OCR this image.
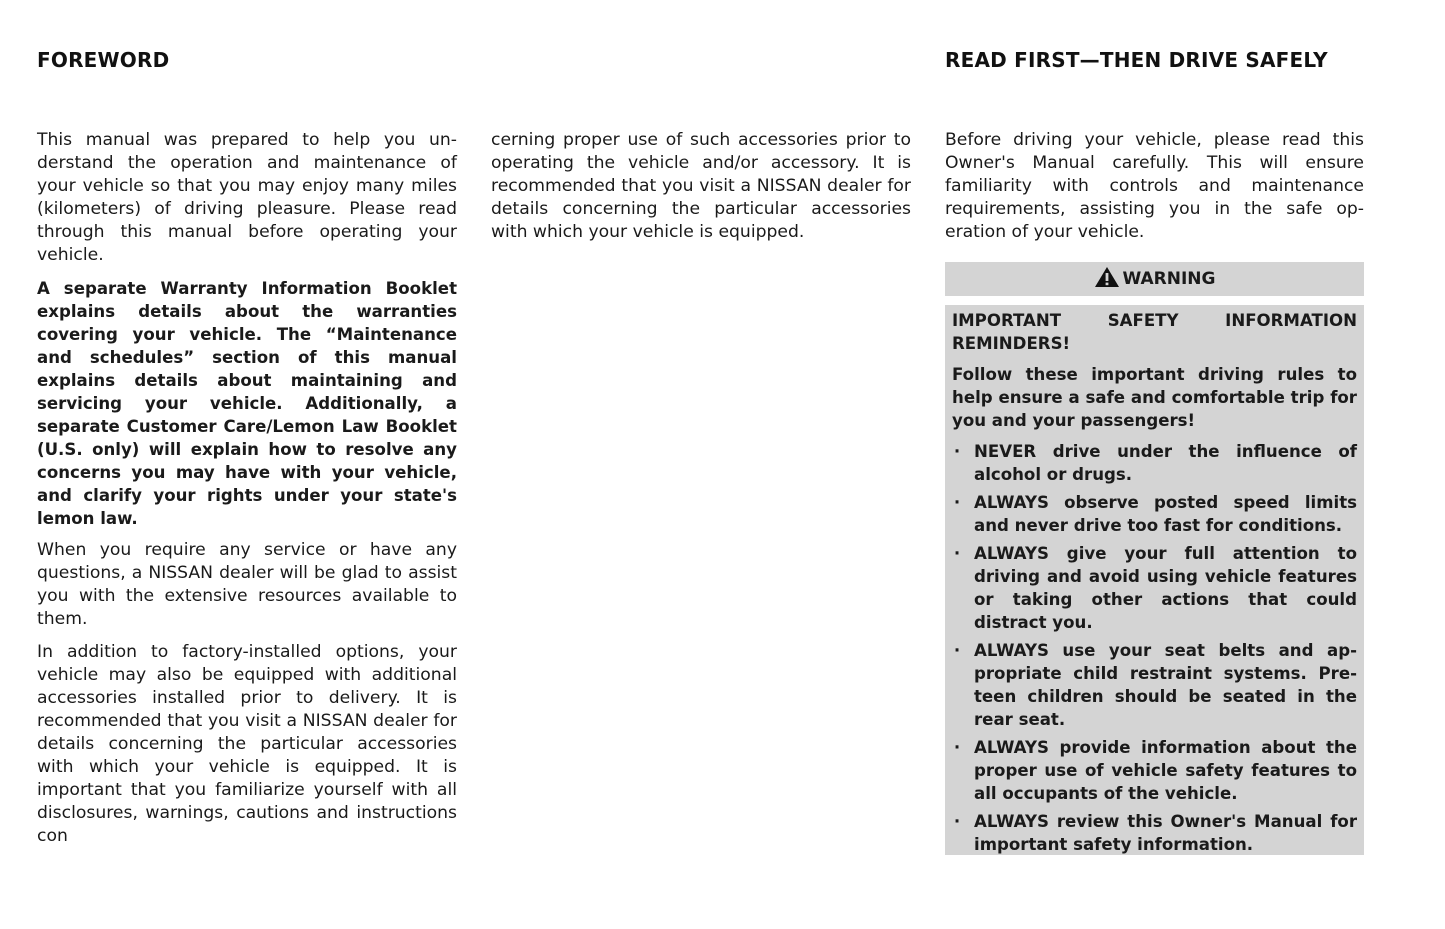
FOREWORD	READ FIRST—THEN DRIVE SAFELY

This manual was prepared to help you understand the operation and maintenance of your vehicle so that you may enjoy many miles (kilometers) of driving pleasure. Please read through this manual before operating your vehicle.

A separate Warranty Information Booklet explains details about the warranties covering your vehicle. The “Maintenance and schedules” section of this manual explains details about maintaining and servicing your vehicle. Additionally, a separate Customer Care/Lemon Law Booklet (U.S. only) will explain how to resolve any concerns you may have with your vehicle, and clarify your rights under your state's lemon law.

When you require any service or have any questions, a NISSAN dealer will be glad to assist you with the extensive resources available to them.

In addition to factory-installed options, your vehicle may also be equipped with additional accessories installed prior to delivery. It is recommended that you visit a NISSAN dealer for details concerning the particular accessories with which your vehicle is equipped. It is important that you familiarize yourself with all disclosures, warnings, cautions and instructions con

cerning proper use of such accessories prior to operating the vehicle and/or accessory. It is recommended that you visit a NISSAN dealer for details concerning the particular accessories with which your vehicle is equipped.

Before driving your vehicle, please read this Owner's Manual carefully. This will ensure familiarity with controls and maintenance requirements, assisting you in the safe operation of your vehicle.

WARNING

IMPORTANT SAFETY INFORMATION REMINDERS!

Follow these important driving rules to help ensure a safe and comfortable trip for you and your passengers!

· NEVER drive under the influence of alcohol or drugs.
· ALWAYS observe posted speed limits and never drive too fast for conditions.
· ALWAYS give your full attention to driving and avoid using vehicle features or taking other actions that could distract you.
· ALWAYS use your seat belts and appropriate child restraint systems. Pre-teen children should be seated in the rear seat.
· ALWAYS provide information about the proper use of vehicle safety features to all occupants of the vehicle.
· ALWAYS review this Owner's Manual for important safety information.
